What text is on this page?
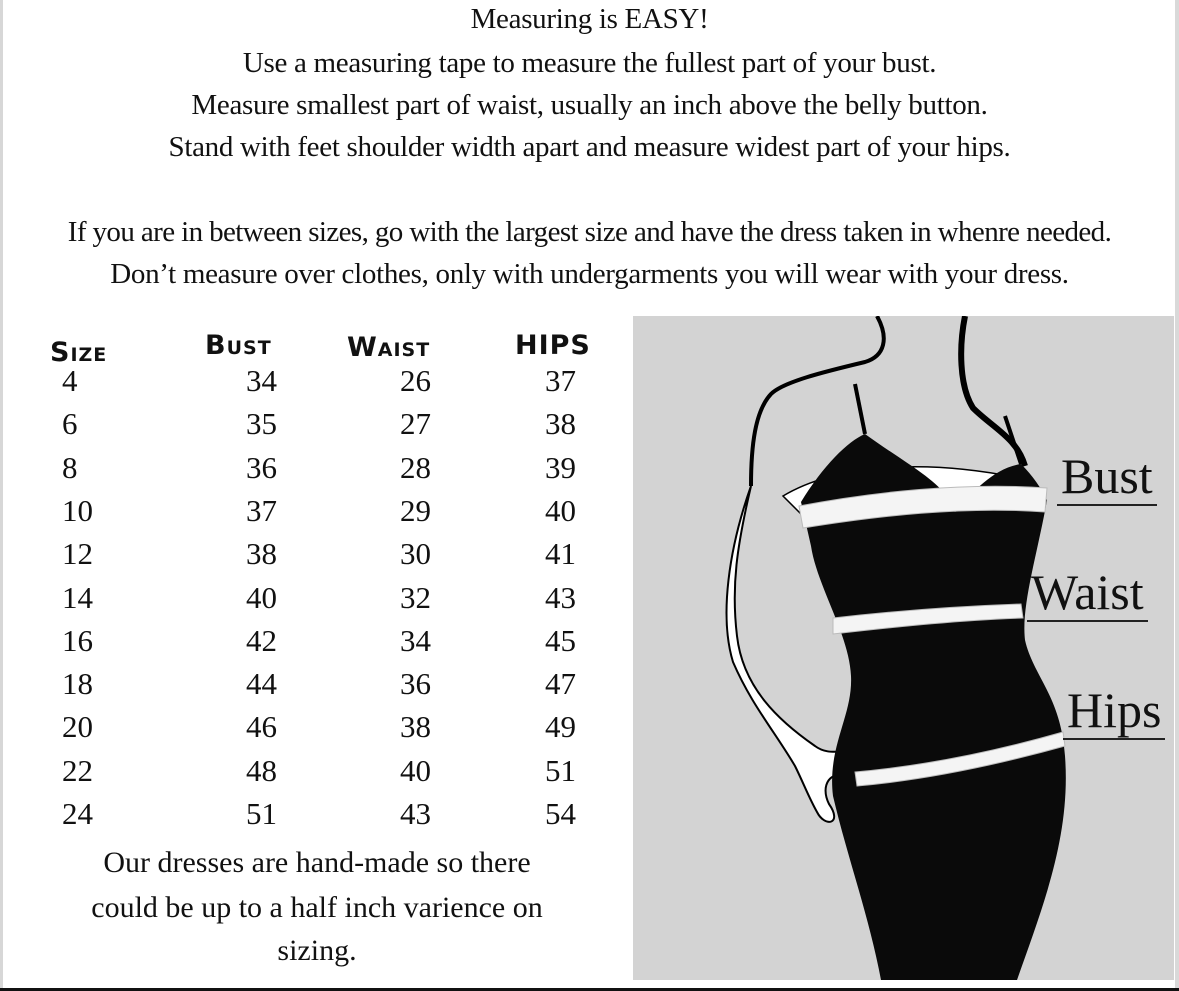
Measuring is EASY!
Use a measuring tape to measure the fullest part of your bust.
Measure smallest part of waist, usually an inch above the belly button.
Stand with feet shoulder width apart and measure widest part of your hips.
If you are in between sizes, go with the largest size and have the dress taken in whenre needed.
Don’t measure over clothes, only with undergarments you will wear with your dress.
Size	Bust	Waist	HIPS
4	34	26	37
6	35	27	38
8	36	28	39
10	37	29	40
12	38	30	41
14	40	32	43
16	42	34	45
18	44	36	47
20	46	38	49
22	48	40	51
24	51	43	54
Our dresses are hand-made so there
could be up to a half inch varience on
sizing.
Bust
Waist
Hips
